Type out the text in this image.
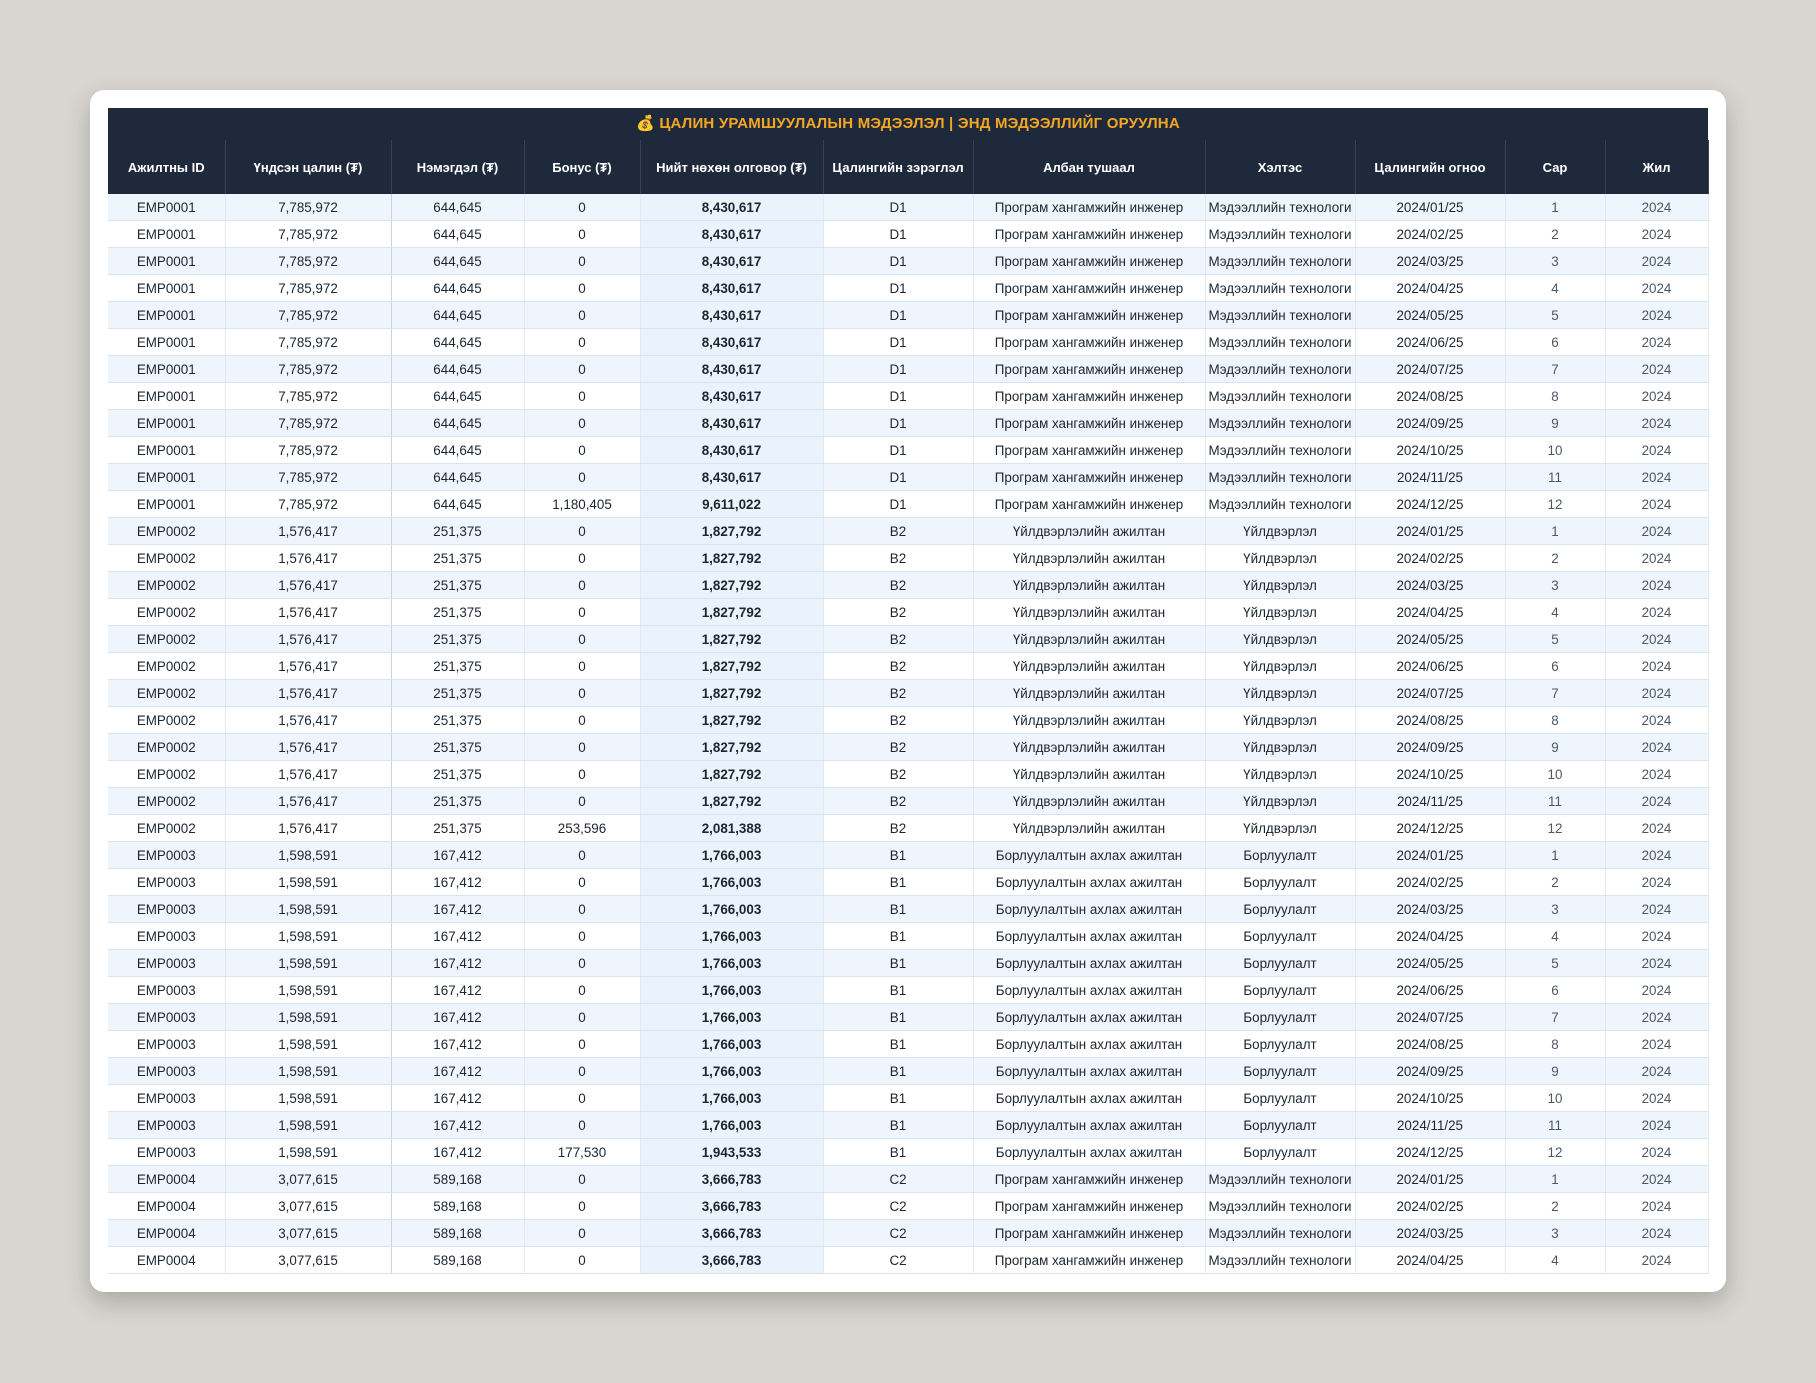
💰 ЦАЛИН УРАМШУУЛАЛЫН МЭДЭЭЛЭЛ | ЭНД МЭДЭЭЛЛИЙГ ОРУУЛНА
Ажилтны ID	Үндсэн цалин (₮)	Нэмэгдэл (₮)	Бонус (₮)	Нийт нөхөн олговор (₮)	Цалингийн зэрэглэл	Албан тушаал	Хэлтэс	Цалингийн огноо	Сар	Жил
EMP0001	7,785,972	644,645	0	8,430,617	D1	Програм хангамжийн инженер	Мэдээллийн технологи	2024/01/25	1	2024
EMP0001	7,785,972	644,645	0	8,430,617	D1	Програм хангамжийн инженер	Мэдээллийн технологи	2024/02/25	2	2024
EMP0001	7,785,972	644,645	0	8,430,617	D1	Програм хангамжийн инженер	Мэдээллийн технологи	2024/03/25	3	2024
EMP0001	7,785,972	644,645	0	8,430,617	D1	Програм хангамжийн инженер	Мэдээллийн технологи	2024/04/25	4	2024
EMP0001	7,785,972	644,645	0	8,430,617	D1	Програм хангамжийн инженер	Мэдээллийн технологи	2024/05/25	5	2024
EMP0001	7,785,972	644,645	0	8,430,617	D1	Програм хангамжийн инженер	Мэдээллийн технологи	2024/06/25	6	2024
EMP0001	7,785,972	644,645	0	8,430,617	D1	Програм хангамжийн инженер	Мэдээллийн технологи	2024/07/25	7	2024
EMP0001	7,785,972	644,645	0	8,430,617	D1	Програм хангамжийн инженер	Мэдээллийн технологи	2024/08/25	8	2024
EMP0001	7,785,972	644,645	0	8,430,617	D1	Програм хангамжийн инженер	Мэдээллийн технологи	2024/09/25	9	2024
EMP0001	7,785,972	644,645	0	8,430,617	D1	Програм хангамжийн инженер	Мэдээллийн технологи	2024/10/25	10	2024
EMP0001	7,785,972	644,645	0	8,430,617	D1	Програм хангамжийн инженер	Мэдээллийн технологи	2024/11/25	11	2024
EMP0001	7,785,972	644,645	1,180,405	9,611,022	D1	Програм хангамжийн инженер	Мэдээллийн технологи	2024/12/25	12	2024
EMP0002	1,576,417	251,375	0	1,827,792	B2	Үйлдвэрлэлийн ажилтан	Үйлдвэрлэл	2024/01/25	1	2024
EMP0002	1,576,417	251,375	0	1,827,792	B2	Үйлдвэрлэлийн ажилтан	Үйлдвэрлэл	2024/02/25	2	2024
EMP0002	1,576,417	251,375	0	1,827,792	B2	Үйлдвэрлэлийн ажилтан	Үйлдвэрлэл	2024/03/25	3	2024
EMP0002	1,576,417	251,375	0	1,827,792	B2	Үйлдвэрлэлийн ажилтан	Үйлдвэрлэл	2024/04/25	4	2024
EMP0002	1,576,417	251,375	0	1,827,792	B2	Үйлдвэрлэлийн ажилтан	Үйлдвэрлэл	2024/05/25	5	2024
EMP0002	1,576,417	251,375	0	1,827,792	B2	Үйлдвэрлэлийн ажилтан	Үйлдвэрлэл	2024/06/25	6	2024
EMP0002	1,576,417	251,375	0	1,827,792	B2	Үйлдвэрлэлийн ажилтан	Үйлдвэрлэл	2024/07/25	7	2024
EMP0002	1,576,417	251,375	0	1,827,792	B2	Үйлдвэрлэлийн ажилтан	Үйлдвэрлэл	2024/08/25	8	2024
EMP0002	1,576,417	251,375	0	1,827,792	B2	Үйлдвэрлэлийн ажилтан	Үйлдвэрлэл	2024/09/25	9	2024
EMP0002	1,576,417	251,375	0	1,827,792	B2	Үйлдвэрлэлийн ажилтан	Үйлдвэрлэл	2024/10/25	10	2024
EMP0002	1,576,417	251,375	0	1,827,792	B2	Үйлдвэрлэлийн ажилтан	Үйлдвэрлэл	2024/11/25	11	2024
EMP0002	1,576,417	251,375	253,596	2,081,388	B2	Үйлдвэрлэлийн ажилтан	Үйлдвэрлэл	2024/12/25	12	2024
EMP0003	1,598,591	167,412	0	1,766,003	B1	Борлуулалтын ахлах ажилтан	Борлуулалт	2024/01/25	1	2024
EMP0003	1,598,591	167,412	0	1,766,003	B1	Борлуулалтын ахлах ажилтан	Борлуулалт	2024/02/25	2	2024
EMP0003	1,598,591	167,412	0	1,766,003	B1	Борлуулалтын ахлах ажилтан	Борлуулалт	2024/03/25	3	2024
EMP0003	1,598,591	167,412	0	1,766,003	B1	Борлуулалтын ахлах ажилтан	Борлуулалт	2024/04/25	4	2024
EMP0003	1,598,591	167,412	0	1,766,003	B1	Борлуулалтын ахлах ажилтан	Борлуулалт	2024/05/25	5	2024
EMP0003	1,598,591	167,412	0	1,766,003	B1	Борлуулалтын ахлах ажилтан	Борлуулалт	2024/06/25	6	2024
EMP0003	1,598,591	167,412	0	1,766,003	B1	Борлуулалтын ахлах ажилтан	Борлуулалт	2024/07/25	7	2024
EMP0003	1,598,591	167,412	0	1,766,003	B1	Борлуулалтын ахлах ажилтан	Борлуулалт	2024/08/25	8	2024
EMP0003	1,598,591	167,412	0	1,766,003	B1	Борлуулалтын ахлах ажилтан	Борлуулалт	2024/09/25	9	2024
EMP0003	1,598,591	167,412	0	1,766,003	B1	Борлуулалтын ахлах ажилтан	Борлуулалт	2024/10/25	10	2024
EMP0003	1,598,591	167,412	0	1,766,003	B1	Борлуулалтын ахлах ажилтан	Борлуулалт	2024/11/25	11	2024
EMP0003	1,598,591	167,412	177,530	1,943,533	B1	Борлуулалтын ахлах ажилтан	Борлуулалт	2024/12/25	12	2024
EMP0004	3,077,615	589,168	0	3,666,783	C2	Програм хангамжийн инженер	Мэдээллийн технологи	2024/01/25	1	2024
EMP0004	3,077,615	589,168	0	3,666,783	C2	Програм хангамжийн инженер	Мэдээллийн технологи	2024/02/25	2	2024
EMP0004	3,077,615	589,168	0	3,666,783	C2	Програм хангамжийн инженер	Мэдээллийн технологи	2024/03/25	3	2024
EMP0004	3,077,615	589,168	0	3,666,783	C2	Програм хангамжийн инженер	Мэдээллийн технологи	2024/04/25	4	2024
